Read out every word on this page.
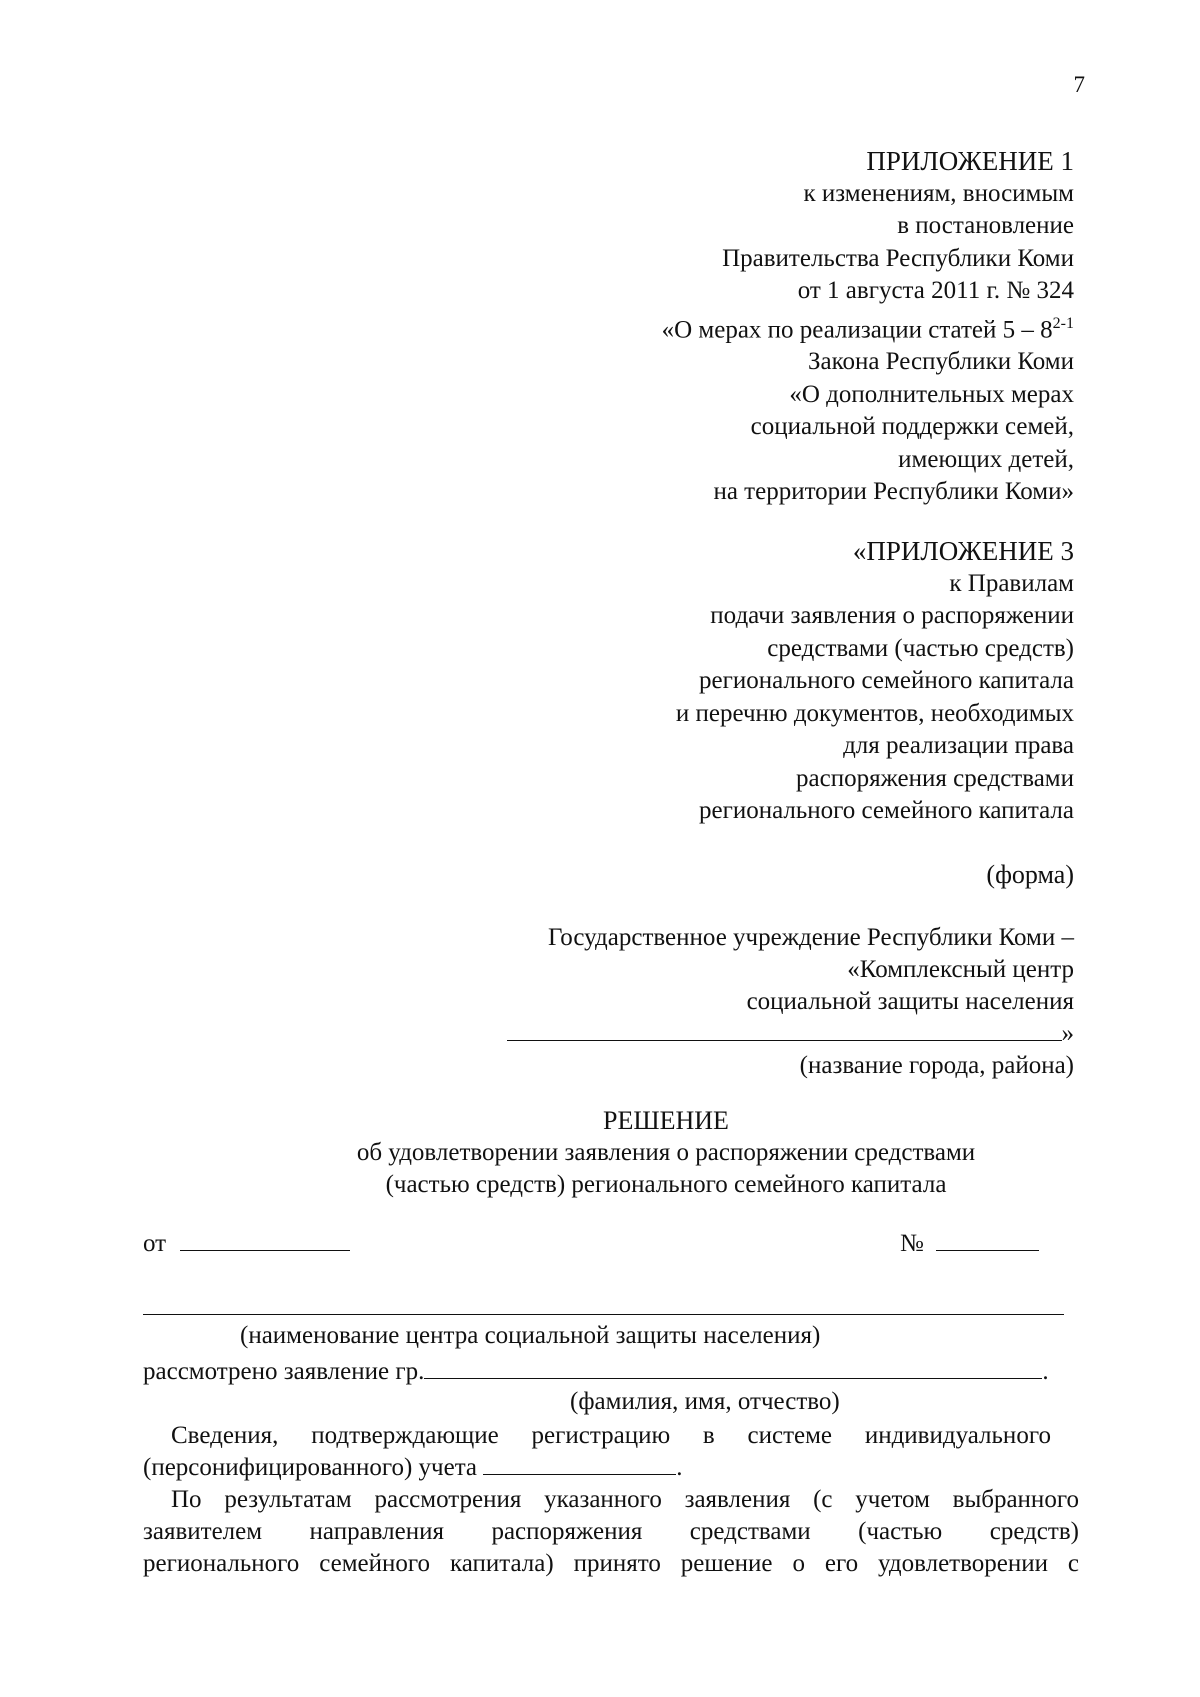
7
ПРИЛОЖЕНИЕ 1
к изменениям, вносимым
в постановление
Правительства Республики Коми
от 1 августа 2011 г. № 324
«О мерах по реализации статей 5 – 8$^{2-1}$
Закона Республики Коми
«О дополнительных мерах
социальной поддержки семей,
имеющих детей,
на территории Республики Коми»
«ПРИЛОЖЕНИЕ 3
к Правилам
подачи заявления о распоряжении
средствами (частью средств)
регионального семейного капитала
и перечню документов, необходимых
для реализации права
распоряжения средствами
регионального семейного капитала
(форма)
Государственное учреждение Республики Коми –
«Комплексный центр
социальной защиты населения
»
(название города, района)
РЕШЕНИЕ
об удовлетворении заявления о распоряжении средствами
(частью средств) регионального семейного капитала
от	№
(наименование центра социальной защиты населения)
рассмотрено заявление гр.	.
(фамилия, имя, отчество)
Сведения, подтверждающие регистрацию в системе индивидуального
(персонифицированного) учета	.
По результатам рассмотрения указанного заявления (с учетом выбранного
заявителем направления распоряжения средствами (частью средств)
регионального семейного капитала) принято решение о его удовлетворении с
